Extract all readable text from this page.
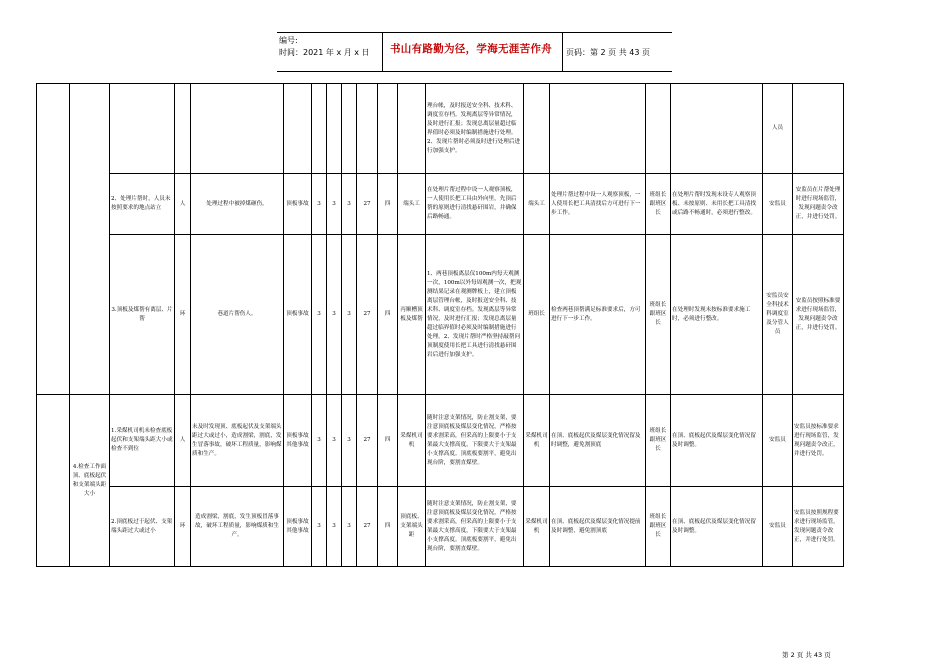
编号:
时间：2021 年 x 月 x 日 书山有路勤为径，学海无涯苦作舟 页码：第 2 页 共 43 页
												理台帐，及时报送安全科、技术科、调度室存档。发现离层等异常情况，及时进行汇报；发现总离层量超过临界值时必须及时编制措施进行处理。2、发现片帮时必须及时进行处理后进行加强支护。					人员	
		2、处理片帮时，人员未按照要求的地点站立	人	处理过程中被掉煤砸伤。	顶板事故	3	3	3	27	四	端头工	在处理片帮过程中设一人观察顶板，一人使用长把工具由外向里，先顶后帮的原则进行清找悬矸围岩，并确保后路畅通。	端头工	处理片帮过程中设一人观察顶板，一人使用长把工具清找后方可进行下一步工作。	班组长跟班区长	在处理片帮时发现未设专人观察顶板、未按原则、未用长把工具清找或后路不畅通时，必须进行整改。	安监员	安监员在片帮处理时进行现场监管，发现问题责令改正，并进行处罚。
		3.顶板及煤帮有离层、片帮	环	巷道片帮伤人。	顶板事故	3	3	3	27	四	丙顺槽顶板及煤帮	1、两巷顶板离层仪100m内每天观测一次，100m以外每周观测一次，把观测结果记录在观测牌板上，建立顶板离层管理台帐，及时报送安全科、技术科、调度室存档。发现离层等异常情况，及时进行汇报；发现总离层量超过临界值时必须及时编制措施进行处理。2、发现片帮时严格坚持敲帮问顶制度使用长把工具进行清找悬矸围岩后进行加强支护。	班组长	检查两巷顶帮满足标准要求后，方可进行下一步工作。	班组长跟班区长	在处理时发现未按标准要求施工时，必须进行整改。	安监员安全科技术科调度室及分管人员	安监员按照标准要求进行现场监管，发现问题责令改正，并进行处罚。
	4.检查工作面顶、底板起伏和支架端头距大小	1.采煤机司机未检查底板起伏和支架端头距大小或检查不到位	人	未及时发现顶、底板起伏及支架端头距过大或过小，造成割梁，割底，发生冒落事故，破坏工程质量，影响煤质和生产。	顶板事故其他事故	3	3	3	27	四	采煤机司机	随时注意支架情况，防止割支架，要注意顶底板及煤层变化情况，严格按要求割采高，但采高的上限要小于支架最大支撑高度，下限要大于支架最小支撑高度。顶底板要割平，避免出现台阶，要割直煤壁。	采煤机司机	在顶、底板起伏及煤层变化情况留及时调整，避免割顶底	班组长跟班区长	在顶、底板起伏及煤层变化情况留及时调整。	安监员	安监员按标准要求进行现场监管，发现问题责令改正，并进行处罚。
		2.顶底板过于起伏、支架端头距过大或过小	环	造成割梁，割底，发生顶板冒落事故，破坏工程质量，影响煤质和生产。	顶板事故其他事故	3	3	3	27	四	顶底板、支架端头距	随时注意支架情况，防止割支架，要注意顶底板及煤层变化情况，严格按要求割采高，但采高的上限要小于支架最大支撑高度，下限要大于支架最小支撑高度。顶底板要割平，避免出现台阶，要割直煤壁。	采煤机司机	在顶、底板起伏及煤层变化情况提前及时调整，避免割顶底	班组长跟班区长	在顶、底板起伏及煤层变化情况留及时调整。	安监员	安监员按照规程要求进行现场监管，发现问题责令改正，并进行处罚。
第 2 页 共 43 页
